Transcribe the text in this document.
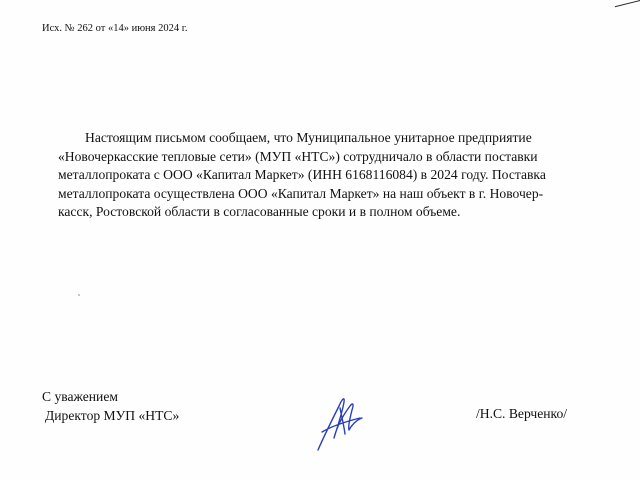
Исх. № 262 от «14» июня 2024 г.
Настоящим письмом сообщаем, что Муниципальное унитарное предприятие
«Новочеркасские тепловые сети» (МУП «НТС») сотрудничало в области поставки
металлопроката с ООО «Капитал Маркет» (ИНН 6168116084) в 2024 году. Поставка
металлопроката осуществлена ООО «Капитал Маркет» на наш объект в г. Новочер-
касск, Ростовской области в согласованные сроки и в полном объеме.
С уважением
Директор МУП «НТС»	/Н.С. Верченко/
